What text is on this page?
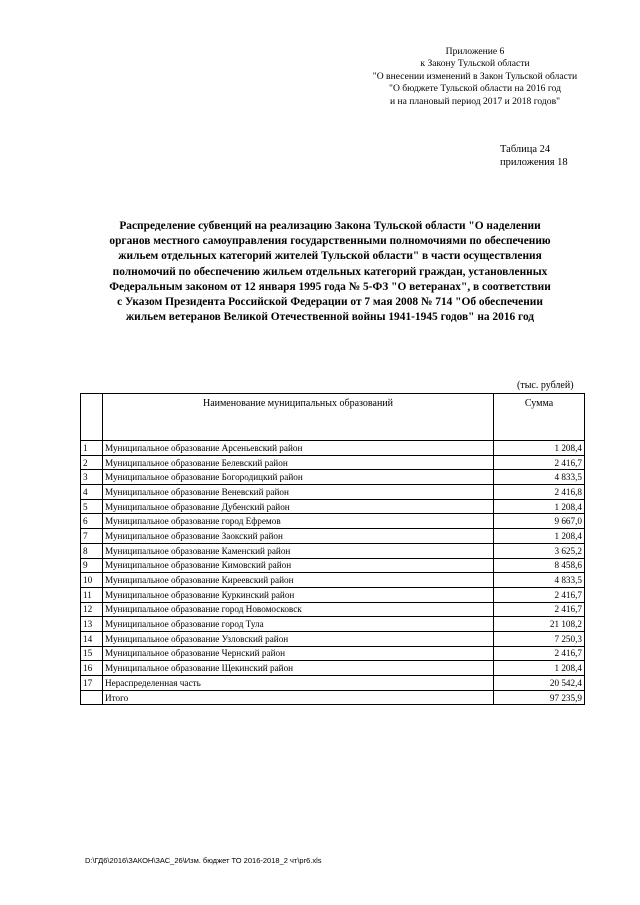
Приложение 6
к Закону Тульской области
"О внесении изменений в Закон Тульской области
"О бюджете Тульской области на 2016 год
и на плановый период 2017 и 2018 годов"
Таблица 24
приложения 18
Распределение субвенций на реализацию Закона Тульской области "О наделении
органов местного самоуправления государственными полномочиями по обеспечению
жильем отдельных категорий жителей Тульской области" в части осуществления
полномочий по обеспечению жильем отдельных категорий граждан, установленных
Федеральным законом от 12 января 1995 года № 5-ФЗ "О ветеранах", в соответствии
с Указом Президента Российской Федерации от 7 мая 2008 № 714 "Об обеспечении
жильем ветеранов Великой Отечественной войны 1941-1945 годов" на 2016 год
(тыс. рублей)
	Наименование муниципальных образований	Сумма
1	Муниципальное образование Арсеньевский район	1 208,4
2	Муниципальное образование Белевский район	2 416,7
3	Муниципальное образование Богородицкий район	4 833,5
4	Муниципальное образование Веневский район	2 416,8
5	Муниципальное образование Дубенский район	1 208,4
6	Муниципальное образование город Ефремов	9 667,0
7	Муниципальное образование Заокский район	1 208,4
8	Муниципальное образование Каменский район	3 625,2
9	Муниципальное образование Кимовский район	8 458,6
10	Муниципальное образование Киреевский район	4 833,5
11	Муниципальное образование Куркинский район	2 416,7
12	Муниципальное образование город Новомосковск	2 416,7
13	Муниципальное образование город Тула	21 108,2
14	Муниципальное образование Узловский район	7 250,3
15	Муниципальное образование Чернский район	2 416,7
16	Муниципальное образование Щекинский район	1 208,4
17	Нераспределенная часть	20 542,4
	Итого	97 235,9
D:\ГД6\2016\ЗАКОН\ЗАС_26\Изм. бюджет ТО 2016-2018_2 чт\pr6.xls
